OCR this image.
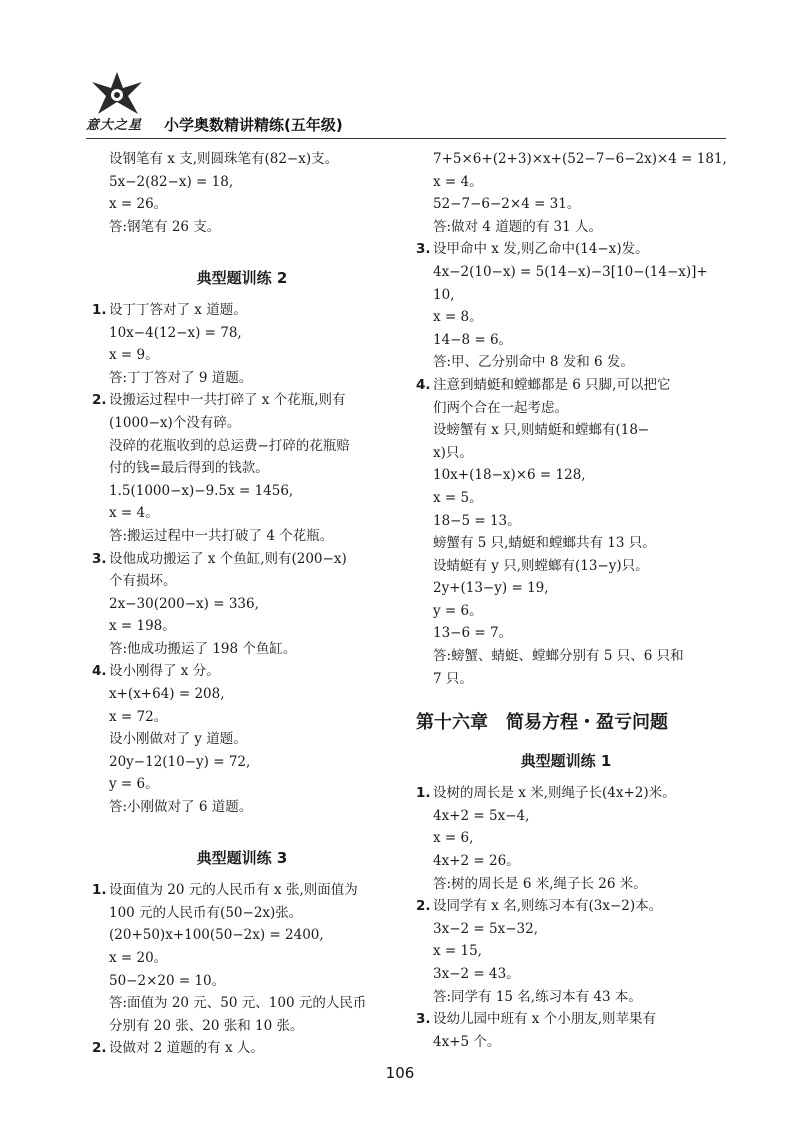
意大之星 小学奥数精讲精练(五年级)
设钢笔有 x 支,则圆珠笔有(82−x)支。
5x−2(82−x) = 18,
x = 26。
答:钢笔有 26 支。
典型题训练 2
1. 设丁丁答对了 x 道题。
10x−4(12−x) = 78,
x = 9。
答:丁丁答对了 9 道题。
2. 设搬运过程中一共打碎了 x 个花瓶,则有
(1000−x)个没有碎。
没碎的花瓶收到的总运费−打碎的花瓶赔
付的钱=最后得到的钱款。
1.5(1000−x)−9.5x = 1456,
x = 4。
答:搬运过程中一共打破了 4 个花瓶。
3. 设他成功搬运了 x 个鱼缸,则有(200−x)
个有损坏。
2x−30(200−x) = 336,
x = 198。
答:他成功搬运了 198 个鱼缸。
4. 设小刚得了 x 分。
x+(x+64) = 208,
x = 72。
设小刚做对了 y 道题。
20y−12(10−y) = 72,
y = 6。
答:小刚做对了 6 道题。
典型题训练 3
1. 设面值为 20 元的人民币有 x 张,则面值为
100 元的人民币有(50−2x)张。
(20+50)x+100(50−2x) = 2400,
x = 20。
50−2×20 = 10。
答:面值为 20 元、50 元、100 元的人民币
分别有 20 张、20 张和 10 张。
2. 设做对 2 道题的有 x 人。
7+5×6+(2+3)×x+(52−7−6−2x)×4 = 181,
x = 4。
52−7−6−2×4 = 31。
答:做对 4 道题的有 31 人。
3. 设甲命中 x 发,则乙命中(14−x)发。
4x−2(10−x) = 5(14−x)−3[10−(14−x)]+
10,
x = 8。
14−8 = 6。
答:甲、乙分别命中 8 发和 6 发。
4. 注意到蜻蜓和螳螂都是 6 只脚,可以把它
们两个合在一起考虑。
设螃蟹有 x 只,则蜻蜓和螳螂有(18−
x)只。
10x+(18−x)×6 = 128,
x = 5。
18−5 = 13。
螃蟹有 5 只,蜻蜓和螳螂共有 13 只。
设蜻蜓有 y 只,则螳螂有(13−y)只。
2y+(13−y) = 19,
y = 6。
13−6 = 7。
答:螃蟹、蜻蜓、螳螂分别有 5 只、6 只和
7 只。
第十六章　简易方程・盈亏问题
典型题训练 1
1. 设树的周长是 x 米,则绳子长(4x+2)米。
4x+2 = 5x−4,
x = 6,
4x+2 = 26。
答:树的周长是 6 米,绳子长 26 米。
2. 设同学有 x 名,则练习本有(3x−2)本。
3x−2 = 5x−32,
x = 15,
3x−2 = 43。
答:同学有 15 名,练习本有 43 本。
3. 设幼儿园中班有 x 个小朋友,则苹果有
4x+5 个。
106
